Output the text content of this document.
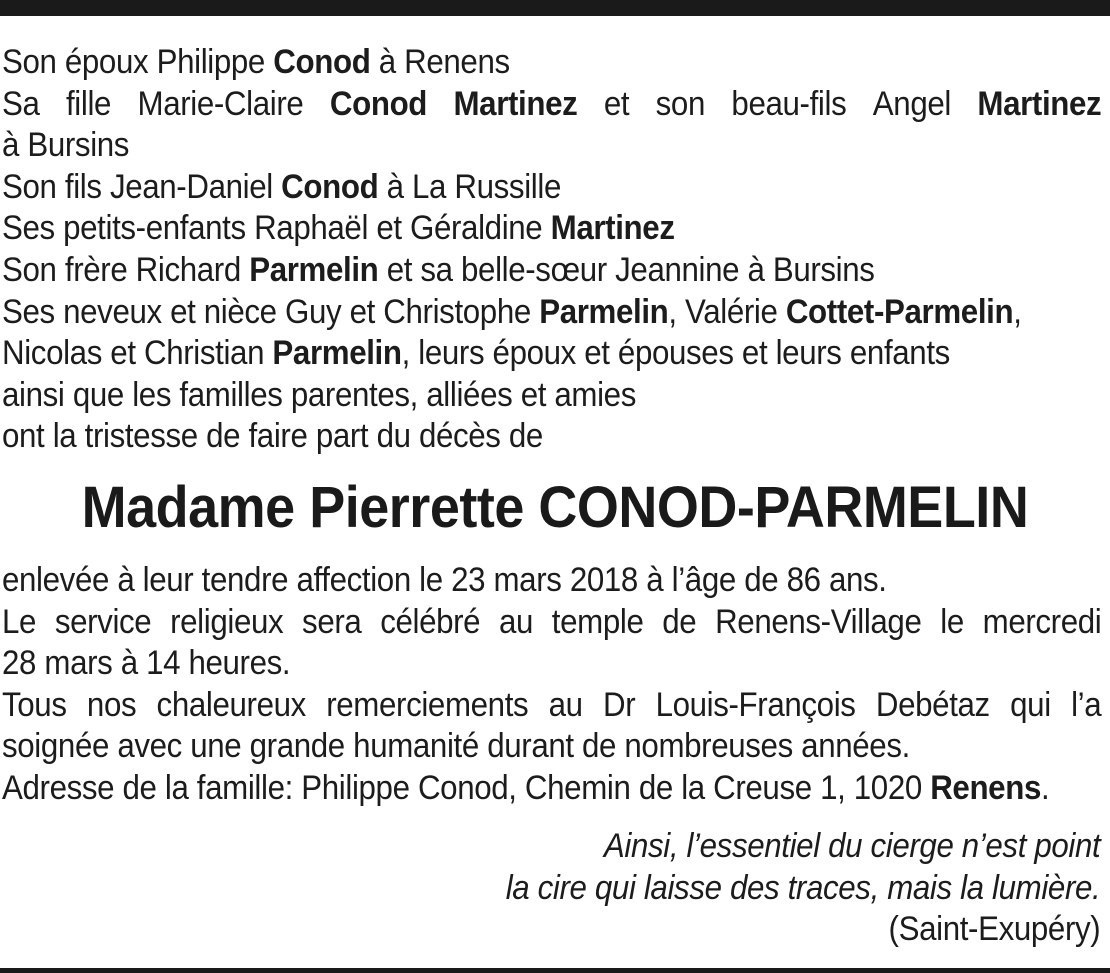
Son époux Philippe Conod à Renens
Sa fille Marie-Claire Conod Martinez et son beau-fils Angel Martinez
à Bursins
Son fils Jean-Daniel Conod à La Russille
Ses petits-enfants Raphaël et Géraldine Martinez
Son frère Richard Parmelin et sa belle-sœur Jeannine à Bursins
Ses neveux et nièce Guy et Christophe Parmelin, Valérie Cottet-Parmelin,
Nicolas et Christian Parmelin, leurs époux et épouses et leurs enfants
ainsi que les familles parentes, alliées et amies
ont la tristesse de faire part du décès de
Madame Pierrette CONOD-PARMELIN
enlevée à leur tendre affection le 23 mars 2018 à l’âge de 86 ans.
Le service religieux sera célébré au temple de Renens-Village le mercredi
28 mars à 14 heures.
Tous nos chaleureux remerciements au Dr Louis-François Debétaz qui l’a
soignée avec une grande humanité durant de nombreuses années.
Adresse de la famille: Philippe Conod, Chemin de la Creuse 1, 1020 Renens.
Ainsi, l’essentiel du cierge n’est point
la cire qui laisse des traces, mais la lumière.
(Saint-Exupéry)
